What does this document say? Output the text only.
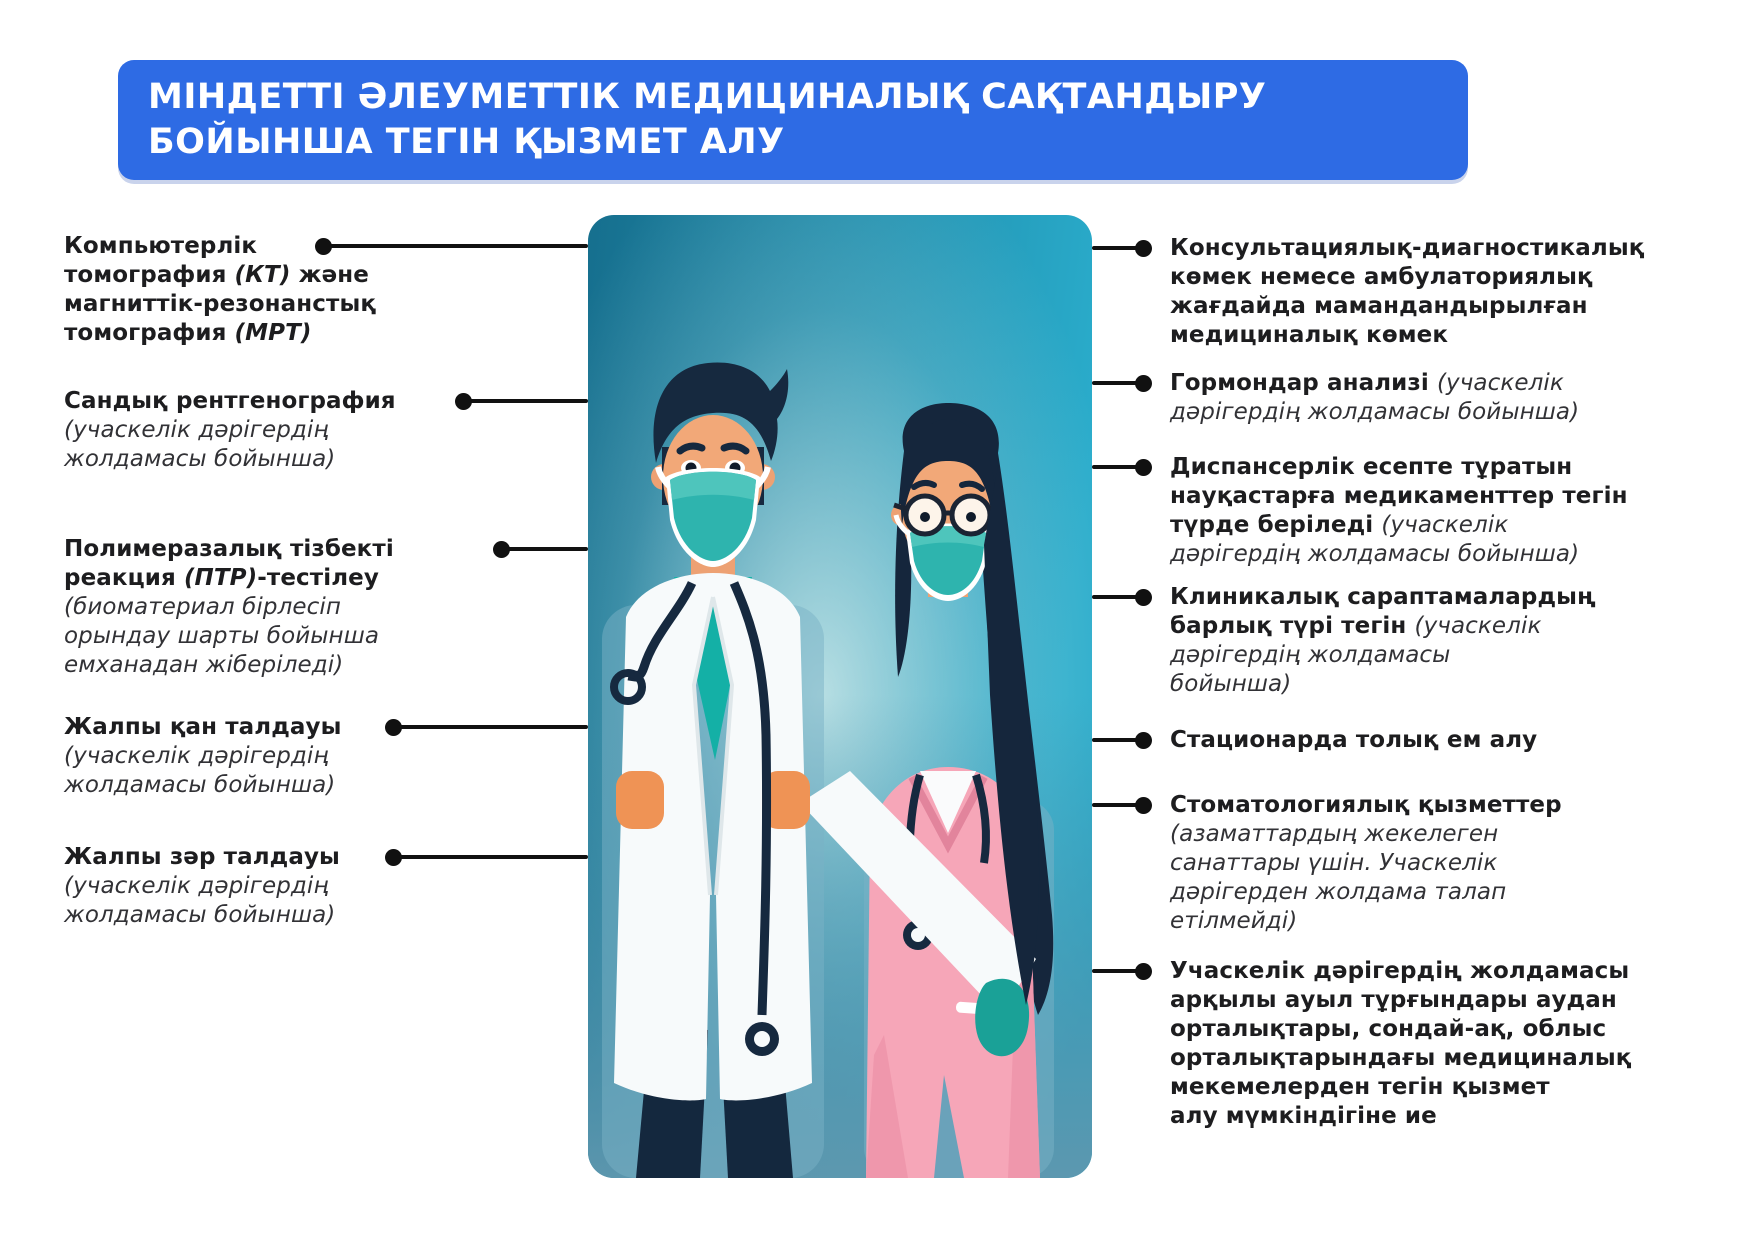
МІНДЕТТІ ӘЛЕУМЕТТІК МЕДИЦИНАЛЫҚ САҚТАНДЫРУ БОЙЫНША ТЕГІН ҚЫЗМЕТ АЛУ
Компьютерлік
томография (КТ) және
магниттік-резонанстық
томография (МРТ)
Сандық рентгенография
(учаскелік дәрігердің
жолдамасы бойынша)
Полимеразалық тізбекті
реакция (ПТР)-тестілеу
(биоматериал бірлесіп
орындау шарты бойынша
емханадан жіберіледі)
Жалпы қан талдауы
(учаскелік дәрігердің
жолдамасы бойынша)
Жалпы зәр талдауы
(учаскелік дәрігердің
жолдамасы бойынша)
Консультациялық-диагностикалық
көмек немесе амбулаториялық
жағдайда мамандандырылған
медициналық көмек
Гормондар анализі (учаскелік
дәрігердің жолдамасы бойынша)
Диспансерлік есепте тұратын
науқастарға медикаменттер тегін
түрде беріледі (учаскелік
дәрігердің жолдамасы бойынша)
Клиникалық сараптамалардың
барлық түрі тегін (учаскелік
дәрігердің жолдамасы
бойынша)
Стационарда толық ем алу
Стоматологиялық қызметтер
(азаматтардың жекелеген
санаттары үшін. Учаскелік
дәрігерден жолдама талап
етілмейді)
Учаскелік дәрігердің жолдамасы
арқылы ауыл тұрғындары аудан
орталықтары, сондай-ақ, облыс
орталықтарындағы медициналық
мекемелерден тегін қызмет
алу мүмкіндігіне ие
